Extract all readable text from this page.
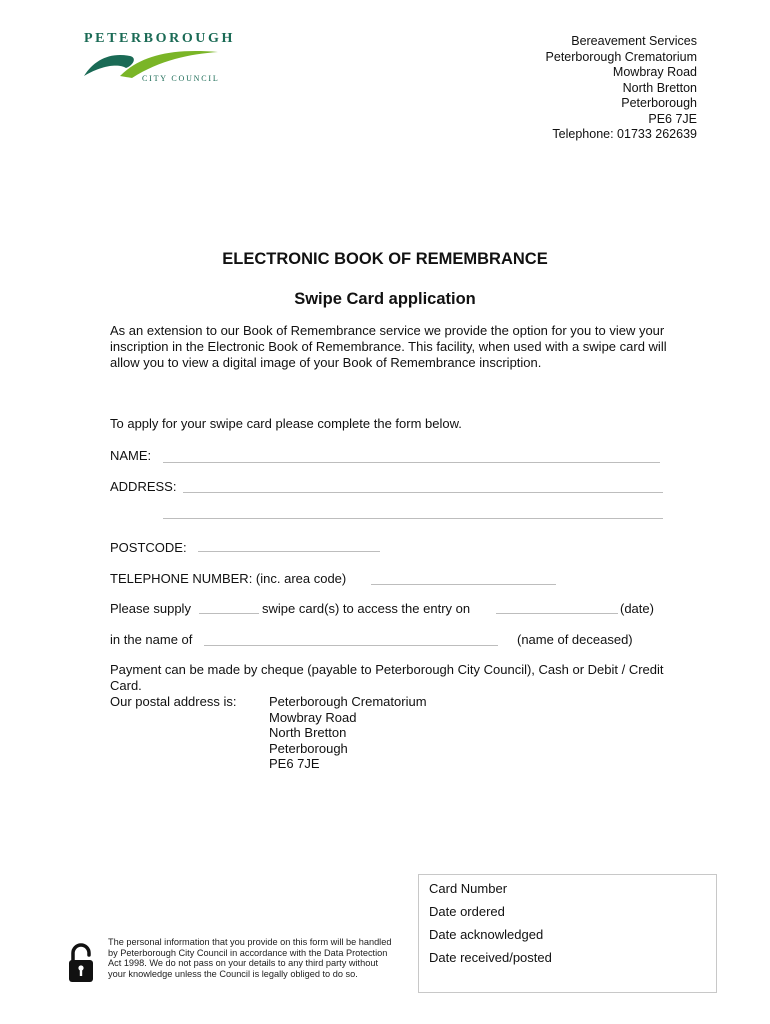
PETERBOROUGH
CITY COUNCIL
Bereavement Services
Peterborough Crematorium
Mowbray Road
North Bretton
Peterborough
PE6 7JE
Telephone: 01733 262639
ELECTRONIC BOOK OF REMEMBRANCE
Swipe Card application
As an extension to our Book of Remembrance service we provide the option for you to view your inscription in the Electronic Book of Remembrance. This facility, when used with a swipe card will allow you to view a digital image of your Book of Remembrance inscription.
To apply for your swipe card please complete the form below.
NAME:
ADDRESS:
POSTCODE:
TELEPHONE NUMBER: (inc. area code)
Please supply	swipe card(s) to access the entry on	(date)
in the name of	(name of deceased)
Payment can be made by cheque (payable to Peterborough City Council), Cash or Debit / Credit Card.
Our postal address is:	Peterborough Crematorium
Mowbray Road
North Bretton
Peterborough
PE6 7JE
Card Number
Date ordered
Date acknowledged
Date received/posted
The personal information that you provide on this form will be handled by Peterborough City Council in accordance with the Data Protection Act 1998. We do not pass on your details to any third party without your knowledge unless the Council is legally obliged to do so.
